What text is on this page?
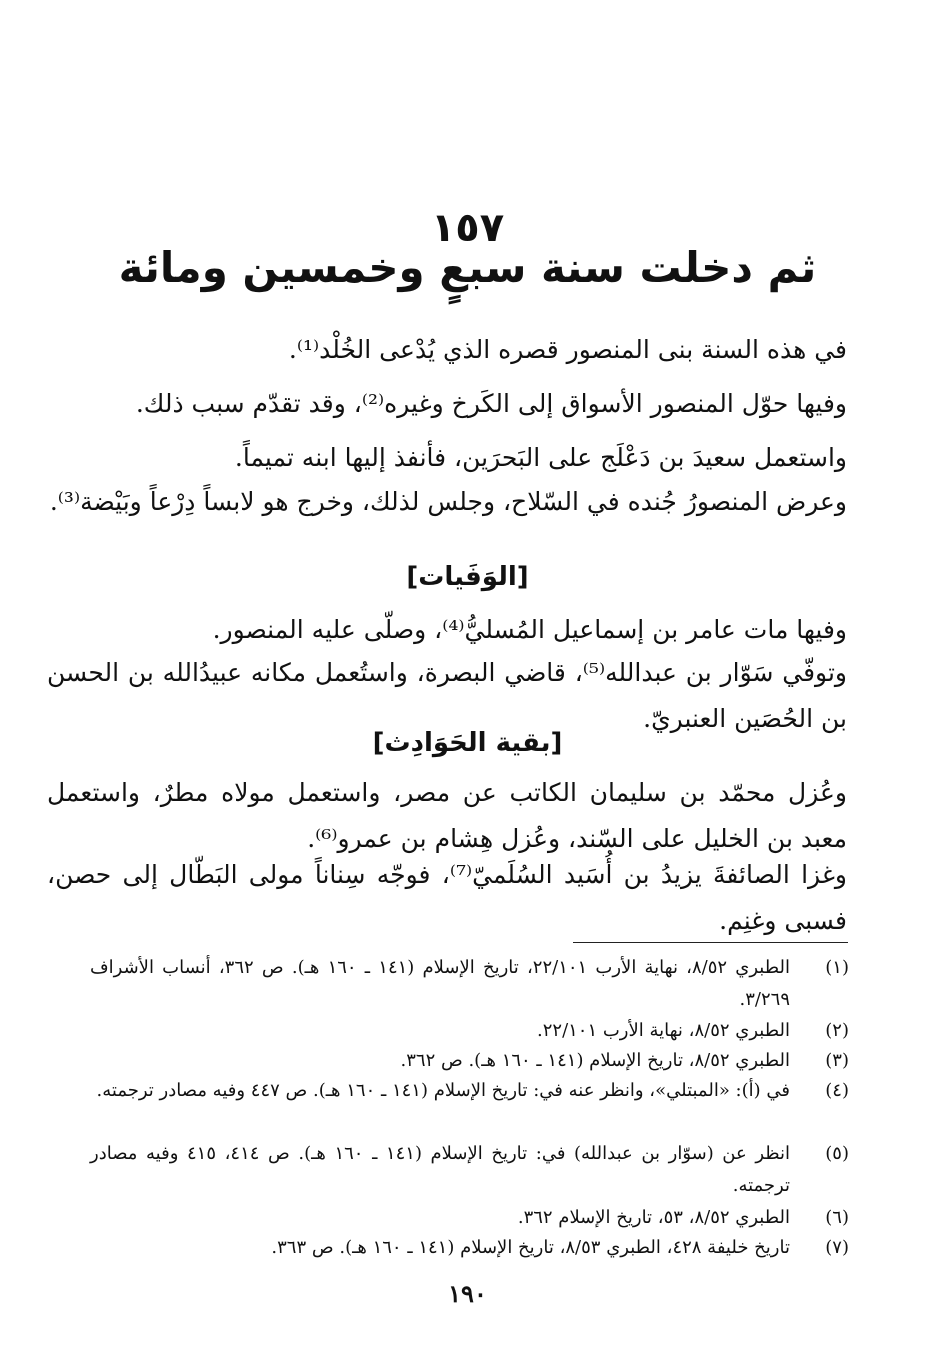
١٥٧
ثم دخلت سنة سبعٍ وخمسين ومائة
في هذه السنة بنى المنصور قصره الذي يُدْعى الخُلْد⁽¹⁾.
وفيها حوّل المنصور الأسواق إلى الكَرخ وغيره⁽²⁾، وقد تقدّم سبب ذلك.
واستعمل سعيدَ بن دَعْلَج على البَحرَين، فأنفذ إليها ابنه تميماً.
وعرض المنصورُ جُنده في السّلاح، وجلس لذلك، وخرج هو لابساً دِرْعاً وبَيْضة⁽³⁾.
[الوَفَيات]
وفيها مات عامر بن إسماعيل المُسليُّ⁽⁴⁾، وصلّى عليه المنصور.
وتوفّي سَوّار بن عبدالله⁽⁵⁾، قاضي البصرة، واستُعمل مكانه عبيدُالله بن الحسن بن الحُصَين العنبريّ.
[بقية الحَوَادِث]
وعُزل محمّد بن سليمان الكاتب عن مصر، واستعمل مولاه مطرٌ، واستعمل معبد بن الخليل على السّند، وعُزل هِشام بن عمرو⁽⁶⁾.
وغزا الصائفةَ يزيدُ بن أُسَيد السُلَميّ⁽⁷⁾، فوجّه سِناناً مولى البَطّال إلى حصن، فسبى وغنِم.
(١)
الطبري ٨/٥٢، نهاية الأرب ٢٢/١٠١، تاريخ الإسلام (١٤١ ـ ١٦٠ هـ). ص ٣٦٢، أنساب الأشراف ٣/٢٦٩.
(٢)
الطبري ٨/٥٢، نهاية الأرب ٢٢/١٠١.
(٣)
الطبري ٨/٥٢، تاريخ الإسلام (١٤١ ـ ١٦٠ هـ). ص ٣٦٢.
(٤)
في (أ): «المبتلي»، وانظر عنه في: تاريخ الإسلام (١٤١ ـ ١٦٠ هـ). ص ٤٤٧ وفيه مصادر ترجمته.
(٥)
انظر عن (سوّار بن عبدالله) في: تاريخ الإسلام (١٤١ ـ ١٦٠ هـ). ص ٤١٤، ٤١٥ وفيه مصادر ترجمته.
(٦)
الطبري ٨/٥٢، ٥٣، تاريخ الإسلام ٣٦٢.
(٧)
تاريخ خليفة ٤٢٨، الطبري ٨/٥٣، تاريخ الإسلام (١٤١ ـ ١٦٠ هـ). ص ٣٦٣.
١٩٠
